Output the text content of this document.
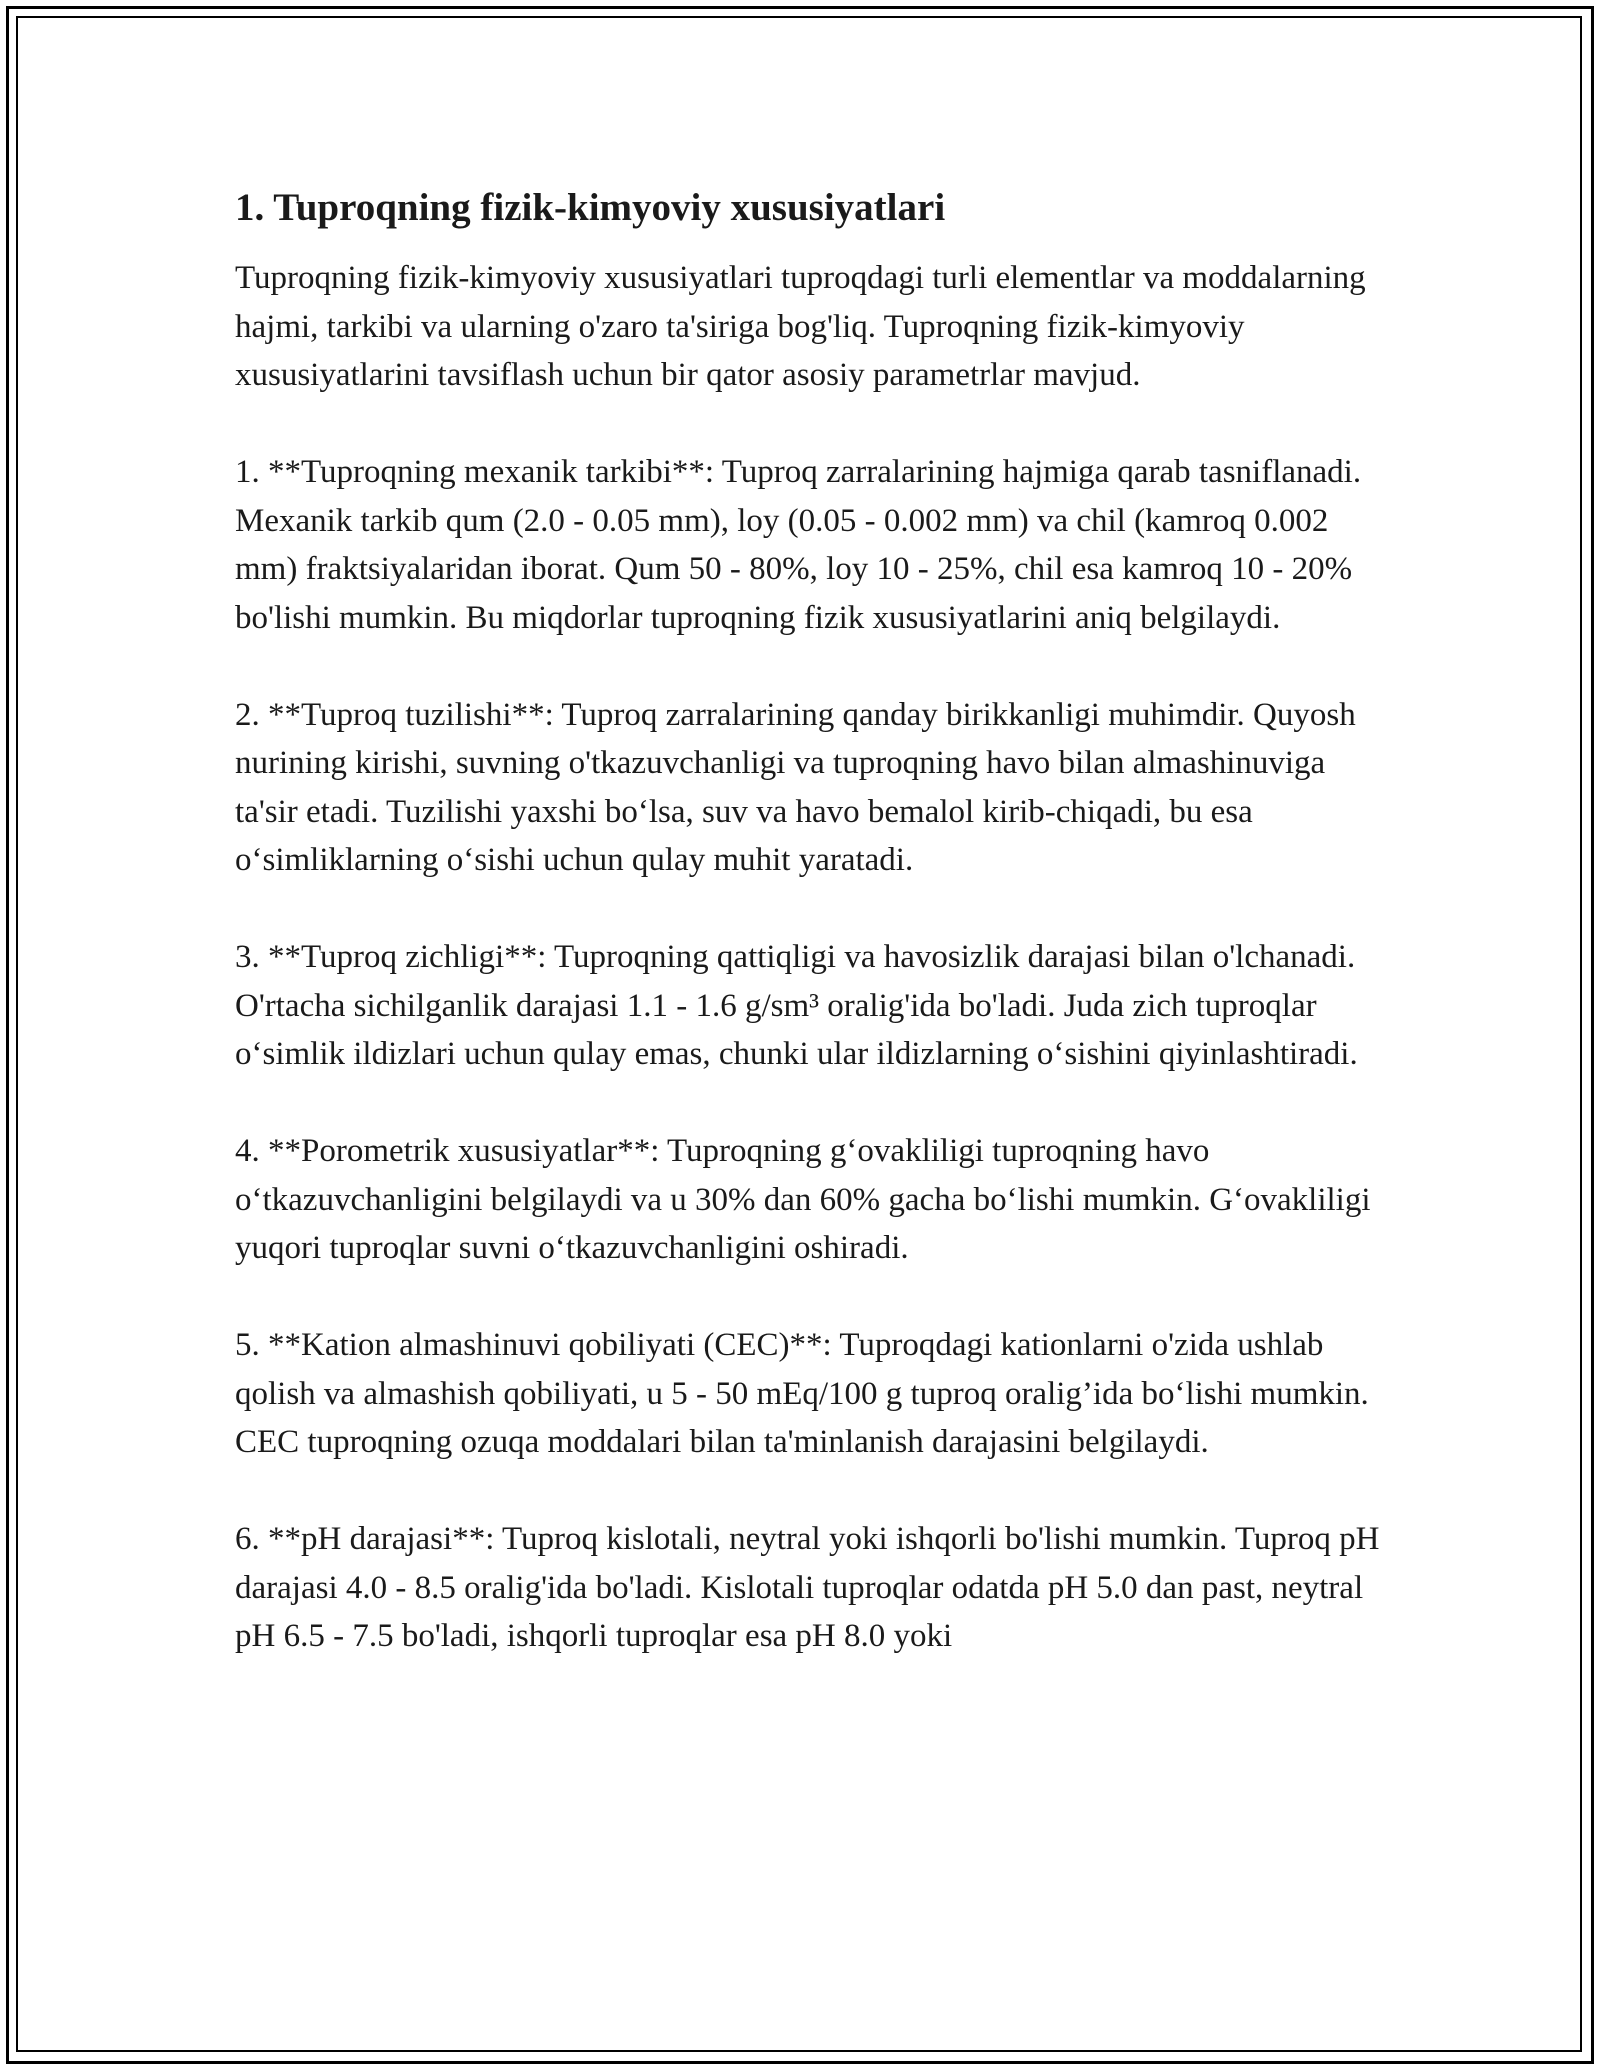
1. Tuproqning fizik-kimyoviy xususiyatlari

Tuproqning fizik-kimyoviy xususiyatlari tuproqdagi turli elementlar va moddalarning hajmi, tarkibi va ularning o'zaro ta'siriga bog'liq. Tuproqning fizik-kimyoviy xususiyatlarini tavsiflash uchun bir qator asosiy parametrlar mavjud.

1. **Tuproqning mexanik tarkibi**: Tuproq zarralarining hajmiga qarab tasniflanadi. Mexanik tarkib qum (2.0 - 0.05 mm), loy (0.05 - 0.002 mm) va chil (kamroq 0.002 mm) fraktsiyalaridan iborat. Qum 50 - 80%, loy 10 - 25%, chil esa kamroq 10 - 20% bo'lishi mumkin. Bu miqdorlar tuproqning fizik xususiyatlarini aniq belgilaydi.

2. **Tuproq tuzilishi**: Tuproq zarralarining qanday birikkanligi muhimdir. Quyosh nurining kirishi, suvning o'tkazuvchanligi va tuproqning havo bilan almashinuviga ta'sir etadi. Tuzilishi yaxshi bo‘lsa, suv va havo bemalol kirib-chiqadi, bu esa o‘simliklarning o‘sishi uchun qulay muhit yaratadi.

3. **Tuproq zichligi**: Tuproqning qattiqligi va havosizlik darajasi bilan o'lchanadi. O'rtacha sichilganlik darajasi 1.1 - 1.6 g/sm³ oralig'ida bo'ladi. Juda zich tuproqlar o‘simlik ildizlari uchun qulay emas, chunki ular ildizlarning o‘sishini qiyinlashtiradi.

4. **Porometrik xususiyatlar**: Tuproqning g‘ovakliligi tuproqning havo o‘tkazuvchanligini belgilaydi va u 30% dan 60% gacha bo‘lishi mumkin. G‘ovakliligi yuqori tuproqlar suvni o‘tkazuvchanligini oshiradi.

5. **Kation almashinuvi qobiliyati (CEC)**: Tuproqdagi kationlarni o'zida ushlab qolish va almashish qobiliyati, u 5 - 50 mEq/100 g tuproq oralig’ida bo‘lishi mumkin. CEC tuproqning ozuqa moddalari bilan ta'minlanish darajasini belgilaydi.

6. **pH darajasi**: Tuproq kislotali, neytral yoki ishqorli bo'lishi mumkin. Tuproq pH darajasi 4.0 - 8.5 oralig'ida bo'ladi. Kislotali tuproqlar odatda pH 5.0 dan past, neytral pH 6.5 - 7.5 bo'ladi, ishqorli tuproqlar esa pH 8.0 yoki
